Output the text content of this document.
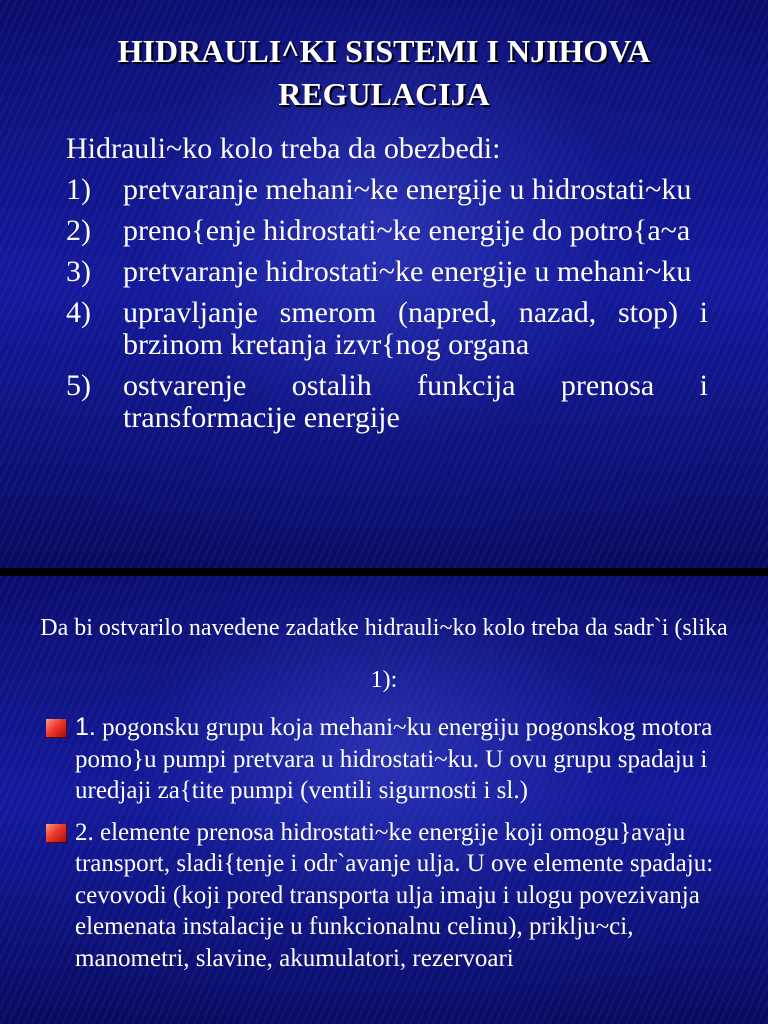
HIDRAULI^KI SISTEMI I NJIHOVA REGULACIJA
Hidrauli~ko kolo treba da obezbedi:
1)	pretvaranje mehani~ke energije u hidrostati~ku
2)	preno{enje hidrostati~ke energije do potro{a~a
3)	pretvaranje hidrostati~ke energije u mehani~ku
4)	upravljanje smerom (napred, nazad, stop) i brzinom kretanja izvr{nog organa
5)	ostvarenje ostalih funkcija prenosa i transformacije energije
Da bi ostvarilo navedene zadatke hidrauli~ko kolo treba da sadr`i (slika 1):
1. pogonsku grupu koja mehani~ku energiju pogonskog motora pomo}u pumpi pretvara u hidrostati~ku. U ovu grupu spadaju i uredjaji za{tite pumpi (ventili sigurnosti i sl.)
2. elemente prenosa hidrostati~ke energije koji omogu}avaju transport, sladi{tenje i odr`avanje ulja. U ove elemente spadaju: cevovodi (koji pored transporta ulja imaju i ulogu povezivanja elemenata instalacije u funkcionalnu celinu), priklju~ci, manometri, slavine, akumulatori, rezervoari
